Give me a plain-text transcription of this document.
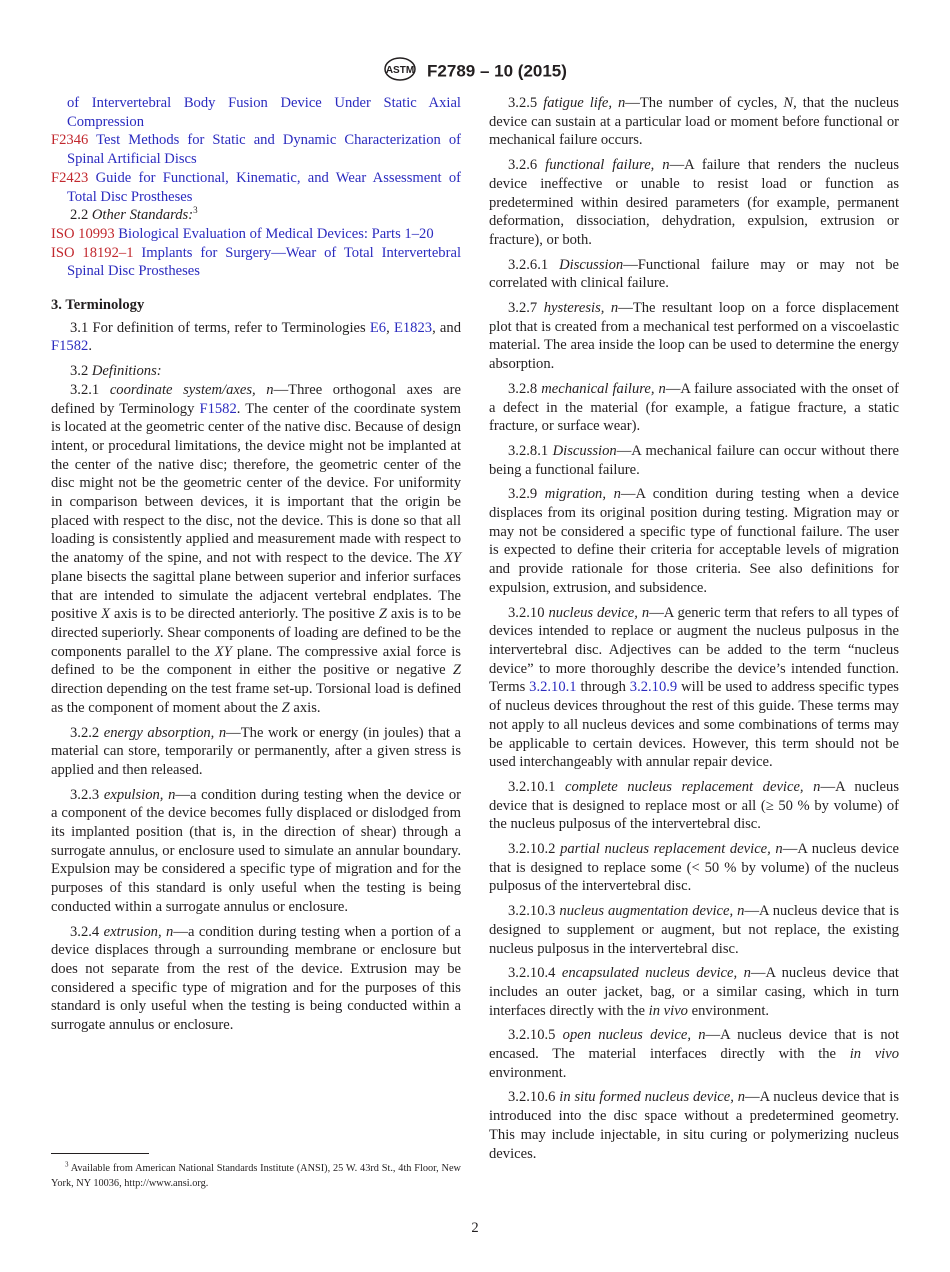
ASTM F2789 – 10 (2015)

of Intervertebral Body Fusion Device Under Static Axial Compression

F2346 Test Methods for Static and Dynamic Characterization of Spinal Artificial Discs

F2423 Guide for Functional, Kinematic, and Wear Assessment of Total Disc Prostheses

2.2 Other Standards:$^3$

ISO 10993 Biological Evaluation of Medical Devices: Parts 1–20

ISO 18192–1 Implants for Surgery—Wear of Total Intervertebral Spinal Disc Prostheses

3. Terminology

3.1 For definition of terms, refer to Terminologies E6, E1823, and F1582.

3.2 Definitions:

3.2.1 coordinate system/axes, n—Three orthogonal axes are defined by Terminology F1582. The center of the coordinate system is located at the geometric center of the native disc. Because of design intent, or procedural limitations, the device might not be implanted at the center of the native disc; therefore, the geometric center of the disc might not be the geometric center of the device. For uniformity in comparison between devices, it is important that the origin be placed with respect to the disc, not the device. This is done so that all loading is consistently applied and measurement made with respect to the anatomy of the spine, and not with respect to the device. The XY plane bisects the sagittal plane between superior and inferior surfaces that are intended to simulate the adjacent vertebral endplates. The positive X axis is to be directed anteriorly. The positive Z axis is to be directed superiorly. Shear components of loading are defined to be the components parallel to the XY plane. The compressive axial force is defined to be the component in either the positive or negative Z direction depending on the test frame set-up. Torsional load is defined as the component of moment about the Z axis.

3.2.2 energy absorption, n—The work or energy (in joules) that a material can store, temporarily or permanently, after a given stress is applied and then released.

3.2.3 expulsion, n—a condition during testing when the device or a component of the device becomes fully displaced or dislodged from its implanted position (that is, in the direction of shear) through a surrogate annulus, or enclosure used to simulate an annular boundary. Expulsion may be considered a specific type of migration and for the purposes of this standard is only useful when the testing is being conducted within a surrogate annulus or enclosure.

3.2.4 extrusion, n—a condition during testing when a portion of a device displaces through a surrounding membrane or enclosure but does not separate from the rest of the device. Extrusion may be considered a specific type of migration and for the purposes of this standard is only useful when the testing is being conducted within a surrogate annulus or enclosure.

3.2.5 fatigue life, n—The number of cycles, N, that the nucleus device can sustain at a particular load or moment before functional or mechanical failure occurs.

3.2.6 functional failure, n—A failure that renders the nucleus device ineffective or unable to resist load or function as predetermined within desired parameters (for example, permanent deformation, dissociation, dehydration, expulsion, extrusion or fracture), or both.

3.2.6.1 Discussion—Functional failure may or may not be correlated with clinical failure.

3.2.7 hysteresis, n—The resultant loop on a force displacement plot that is created from a mechanical test performed on a viscoelastic material. The area inside the loop can be used to determine the energy absorption.

3.2.8 mechanical failure, n—A failure associated with the onset of a defect in the material (for example, a fatigue fracture, a static fracture, or surface wear).

3.2.8.1 Discussion—A mechanical failure can occur without there being a functional failure.

3.2.9 migration, n—A condition during testing when a device displaces from its original position during testing. Migration may or may not be considered a specific type of functional failure. The user is expected to define their criteria for acceptable levels of migration and provide rationale for those criteria. See also definitions for expulsion, extrusion, and subsidence.

3.2.10 nucleus device, n—A generic term that refers to all types of devices intended to replace or augment the nucleus pulposus in the intervertebral disc. Adjectives can be added to the term “nucleus device” to more thoroughly describe the device’s intended function. Terms 3.2.10.1 through 3.2.10.9 will be used to address specific types of nucleus devices throughout the rest of this guide. These terms may not apply to all nucleus devices and some combinations of terms may be applicable to certain devices. However, this term should not be used interchangeably with annular repair device.

3.2.10.1 complete nucleus replacement device, n—A nucleus device that is designed to replace most or all (≥ 50 % by volume) of the nucleus pulposus of the intervertebral disc.

3.2.10.2 partial nucleus replacement device, n—A nucleus device that is designed to replace some (< 50 % by volume) of the nucleus pulposus of the intervertebral disc.

3.2.10.3 nucleus augmentation device, n—A nucleus device that is designed to supplement or augment, but not replace, the existing nucleus pulposus in the intervertebral disc.

3.2.10.4 encapsulated nucleus device, n—A nucleus device that includes an outer jacket, bag, or a similar casing, which in turn interfaces directly with the in vivo environment.

3.2.10.5 open nucleus device, n—A nucleus device that is not encased. The material interfaces directly with the in vivo environment.

3.2.10.6 in situ formed nucleus device, n—A nucleus device that is introduced into the disc space without a predetermined geometry. This may include injectable, in situ curing or polymerizing nucleus devices.

$^3$ Available from American National Standards Institute (ANSI), 25 W. 43rd St., 4th Floor, New York, NY 10036, http://www.ansi.org.
2
